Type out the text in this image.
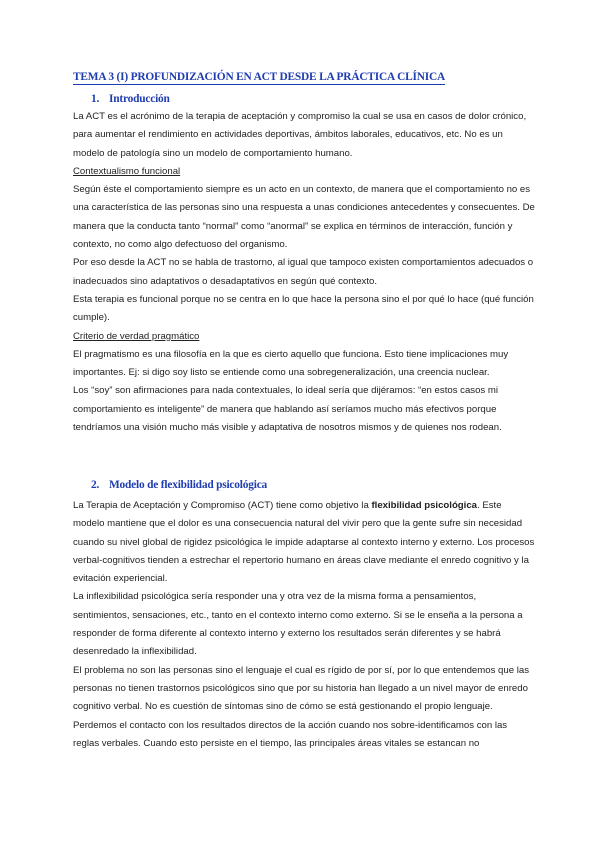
TEMA 3 (I) PROFUNDIZACIÓN EN ACT DESDE LA PRÁCTICA CLÍNICA
1. Introducción

La ACT es el acrónimo de la terapia de aceptación y compromiso la cual se usa en casos de dolor crónico, para aumentar el rendimiento en actividades deportivas, ámbitos laborales, educativos, etc. No es un modelo de patología sino un modelo de comportamiento humano.

Contextualismo funcional

Según éste el comportamiento siempre es un acto en un contexto, de manera que el comportamiento no es una característica de las personas sino una respuesta a unas condiciones antecedentes y consecuentes. De manera que la conducta tanto “normal” como “anormal” se explica en términos de interacción, función y contexto, no como algo defectuoso del organismo.

Por eso desde la ACT no se habla de trastorno, al igual que tampoco existen comportamientos adecuados o inadecuados sino adaptativos o desadaptativos en según qué contexto.

Esta terapia es funcional porque no se centra en lo que hace la persona sino el por qué lo hace (qué función cumple).

Criterio de verdad pragmático

El pragmatismo es una filosofía en la que es cierto aquello que funciona. Esto tiene implicaciones muy importantes. Ej: si digo soy listo se entiende como una sobregeneralización, una creencia nuclear.

Los “soy” son afirmaciones para nada contextuales, lo ideal sería que dijéramos: “en estos casos mi comportamiento es inteligente” de manera que hablando así seríamos mucho más efectivos porque tendríamos una visión mucho más visible y adaptativa de nosotros mismos y de quienes nos rodean.

2. Modelo de flexibilidad psicológica

La Terapia de Aceptación y Compromiso (ACT) tiene como objetivo la flexibilidad psicológica. Este modelo mantiene que el dolor es una consecuencia natural del vivir pero que la gente sufre sin necesidad cuando su nivel global de rigidez psicológica le impide adaptarse al contexto interno y externo. Los procesos verbal-cognitivos tienden a estrechar el repertorio humano en áreas clave mediante el enredo cognitivo y la evitación experiencial.

La inflexibilidad psicológica sería responder una y otra vez de la misma forma a pensamientos, sentimientos, sensaciones, etc., tanto en el contexto interno como externo. Si se le enseña a la persona a responder de forma diferente al contexto interno y externo los resultados serán diferentes y se habrá desenredado la inflexibilidad.

El problema no son las personas sino el lenguaje el cual es rígido de por sí, por lo que entendemos que las personas no tienen trastornos psicológicos sino que por su historia han llegado a un nivel mayor de enredo cognitivo verbal. No es cuestión de síntomas sino de cómo se está gestionando el propio lenguaje.

Perdemos el contacto con los resultados directos de la acción cuando nos sobre-identificamos con las reglas verbales. Cuando esto persiste en el tiempo, las principales áreas vitales se estancan no
